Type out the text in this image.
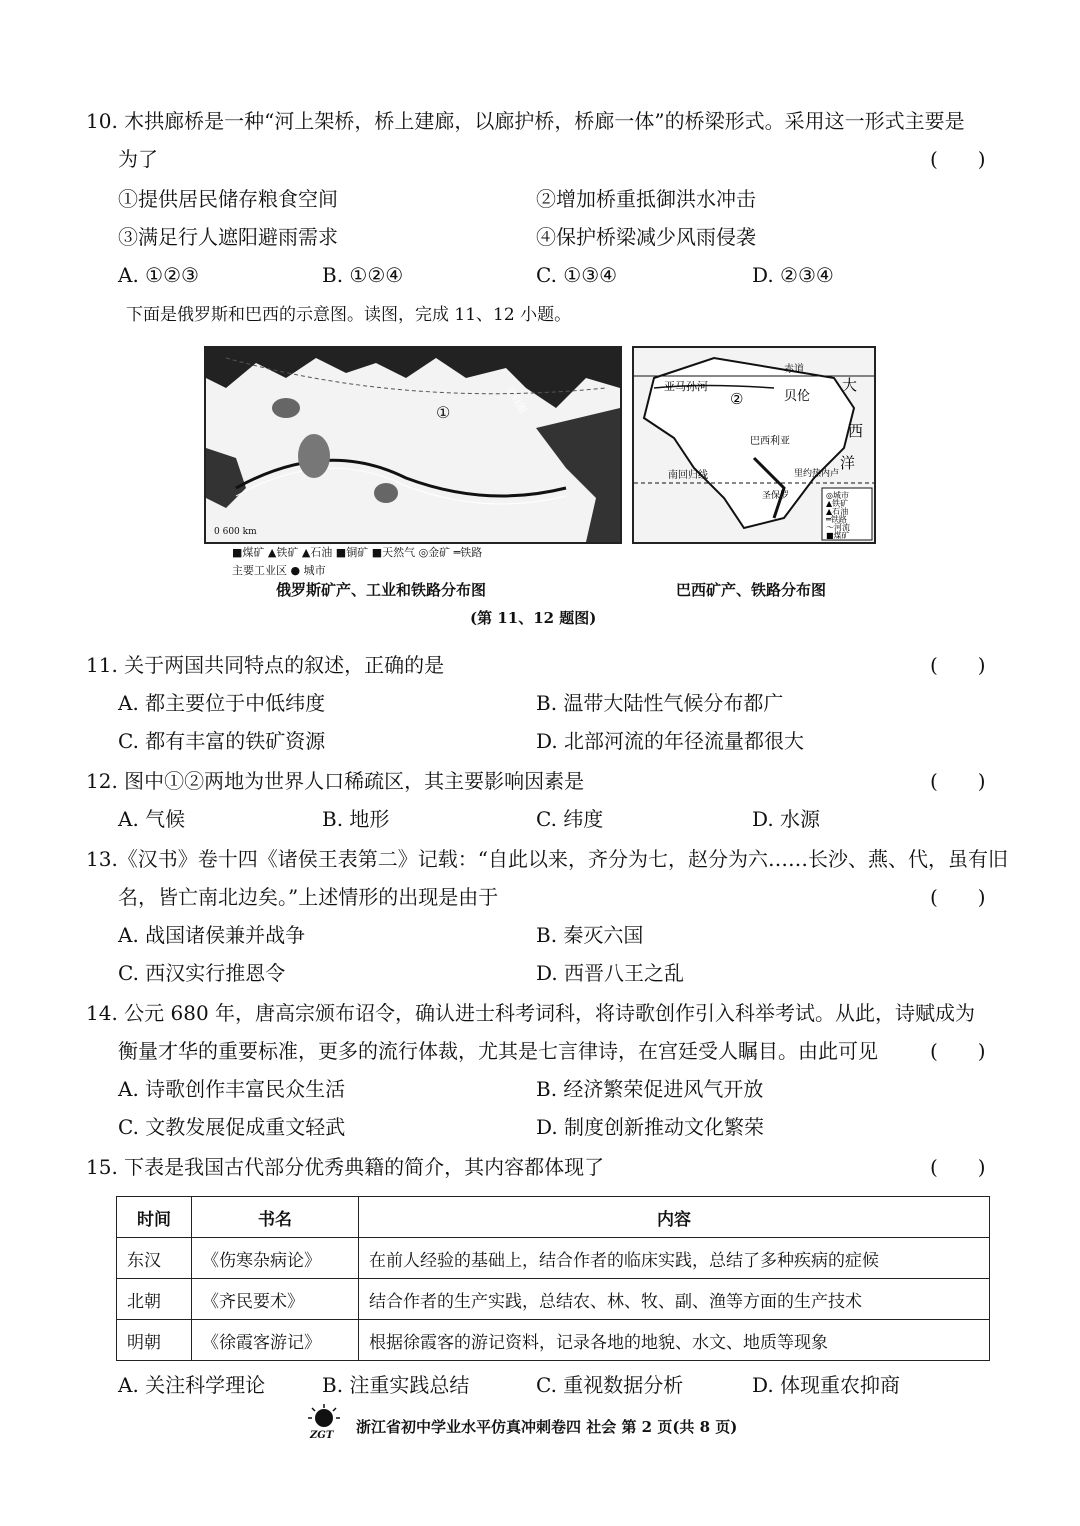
10. 木拱廊桥是一种“河上架桥，桥上建廊，以廊护桥，桥廊一体”的桥梁形式。采用这一形式主要是
为了	(　　)
①提供居民储存粮食空间	②增加桥重抵御洪水冲击
③满足行人遮阳避雨需求	④保护桥梁减少风雨侵袭
A. ①②③	B. ①②④	C. ①③④	D. ②③④
下面是俄罗斯和巴西的示意图。读图，完成 11、12 小题。
①	北极圈
0 600 km
■煤矿 ▲铁矿 ▲石油 ■铜矿 ■天然气 ◎金矿 ═铁路
主要工业区 ● 城市
俄罗斯矿产、工业和铁路分布图
赤道
亚马孙河
②	贝伦
大
西
洋
巴西利亚
南回归线	里约热内卢
圣保罗	◎城市
▲铁矿
▲石油
═铁路
～河流
■煤矿
巴西矿产、铁路分布图
(第 11、12 题图)
11. 关于两国共同特点的叙述，正确的是	(　　)
A. 都主要位于中低纬度	B. 温带大陆性气候分布都广
C. 都有丰富的铁矿资源	D. 北部河流的年径流量都很大
12. 图中①②两地为世界人口稀疏区，其主要影响因素是	(　　)
A. 气候	B. 地形	C. 纬度	D. 水源
13.《汉书》卷十四《诸侯王表第二》记载：“自此以来，齐分为七，赵分为六……长沙、燕、代，虽有旧
名，皆亡南北边矣。”上述情形的出现是由于	(　　)
A. 战国诸侯兼并战争	B. 秦灭六国
C. 西汉实行推恩令	D. 西晋八王之乱
14. 公元 680 年，唐高宗颁布诏令，确认进士科考词科，将诗歌创作引入科举考试。从此，诗赋成为
衡量才华的重要标准，更多的流行体裁，尤其是七言律诗，在宫廷受人瞩目。由此可见	(　　)
A. 诗歌创作丰富民众生活	B. 经济繁荣促进风气开放
C. 文教发展促成重文轻武	D. 制度创新推动文化繁荣
15. 下表是我国古代部分优秀典籍的简介，其内容都体现了	(　　)
时间	书名	内容
东汉	《伤寒杂病论》	在前人经验的基础上，结合作者的临床实践，总结了多种疾病的症候
北朝	《齐民要术》	结合作者的生产实践，总结农、林、牧、副、渔等方面的生产技术
明朝	《徐霞客游记》	根据徐霞客的游记资料，记录各地的地貌、水文、地质等现象
A. 关注科学理论	B. 注重实践总结	C. 重视数据分析	D. 体现重农抑商
ZGT 浙江省初中学业水平仿真冲刺卷四 社会 第 2 页(共 8 页)
